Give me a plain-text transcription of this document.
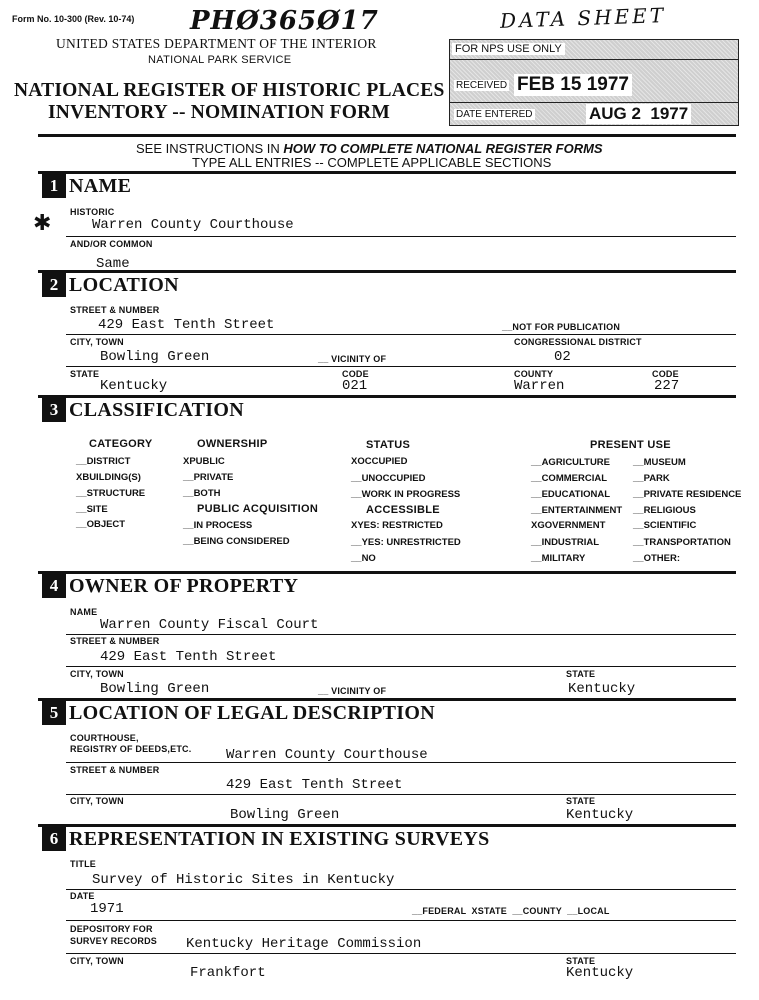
Form No. 10-300 (Rev. 10-74) PHØ365Ø17	DATA SHEET
UNITED STATES DEPARTMENT OF THE INTERIOR
NATIONAL PARK SERVICE
NATIONAL REGISTER OF HISTORIC PLACES
INVENTORY -- NOMINATION FORM
FOR NPS USE ONLY
RECEIVED FEB 15 1977
DATE ENTERED	AUG 2  1977
SEE INSTRUCTIONS IN HOW TO COMPLETE NATIONAL REGISTER FORMS
TYPE ALL ENTRIES -- COMPLETE APPLICABLE SECTIONS
1 NAME
✱ HISTORIC
Warren County Courthouse
AND/OR COMMON
Same
2 LOCATION
STREET & NUMBER
429 East Tenth Street	__NOT FOR PUBLICATION
CITY, TOWN	CONGRESSIONAL DISTRICT
Bowling Green	__ VICINITY OF	02
STATE	CODE	COUNTY	CODE
Kentucky	021	Warren	227
3 CLASSIFICATION
CATEGORY
__DISTRICT
XBUILDING(S)
__STRUCTURE
__SITE
__OBJECT
OWNERSHIP
XPUBLIC
__PRIVATE
__BOTH
PUBLIC ACQUISITION
__IN PROCESS
__BEING CONSIDERED
STATUS
XOCCUPIED
__UNOCCUPIED
__WORK IN PROGRESS
ACCESSIBLE
XYES: RESTRICTED
__YES: UNRESTRICTED
__NO
PRESENT USE
__AGRICULTURE
__COMMERCIAL
__EDUCATIONAL
__ENTERTAINMENT
XGOVERNMENT
__INDUSTRIAL
__MILITARY
__MUSEUM
__PARK
__PRIVATE RESIDENCE
__RELIGIOUS
__SCIENTIFIC
__TRANSPORTATION
__OTHER:
4 OWNER OF PROPERTY
NAME
Warren County Fiscal Court
STREET & NUMBER
429 East Tenth Street
CITY, TOWN	STATE
Bowling Green	__ VICINITY OF	Kentucky
5 LOCATION OF LEGAL DESCRIPTION
COURTHOUSE,
REGISTRY OF DEEDS,ETC. Warren County Courthouse
STREET & NUMBER
429 East Tenth Street
CITY, TOWN	STATE
Bowling Green	Kentucky
6 REPRESENTATION IN EXISTING SURVEYS
TITLE
Survey of Historic Sites in Kentucky
DATE
1971	__FEDERAL  XSTATE  __COUNTY  __LOCAL
DEPOSITORY FOR
SURVEY RECORDS Kentucky Heritage Commission
CITY, TOWN	STATE
Frankfort	Kentucky
